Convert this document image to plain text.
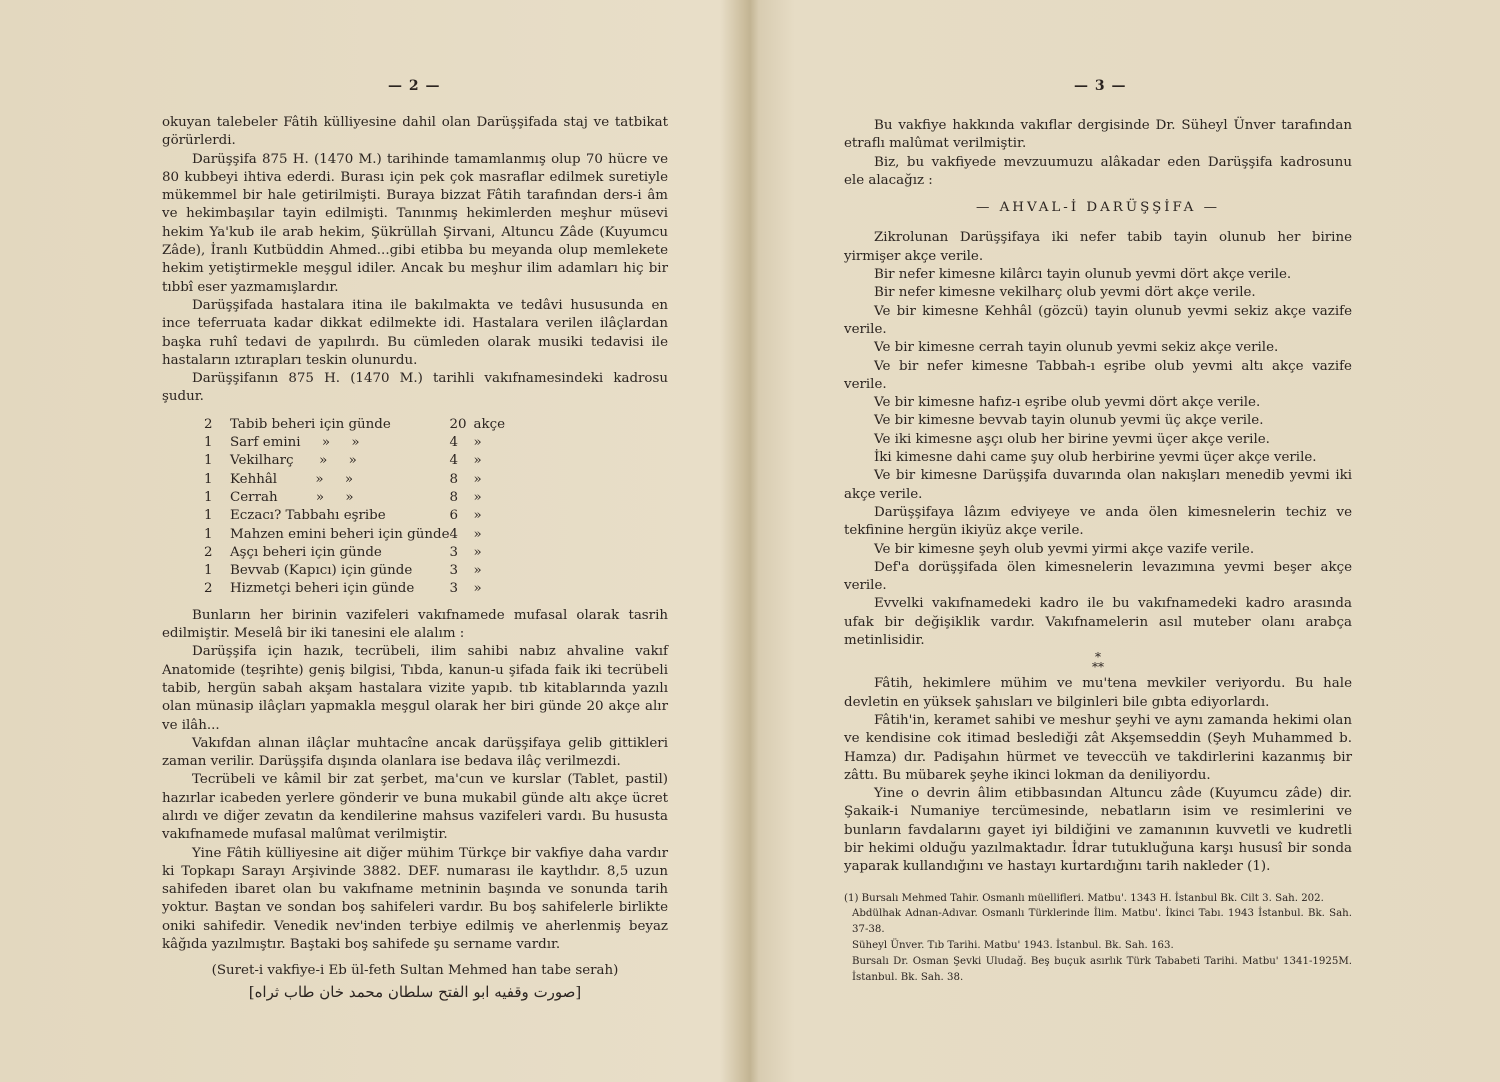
— 2 —

okuyan talebeler Fâtih külliyesine dahil olan Darüşşifada staj ve tatbikat görürlerdi.

Darüşşifa 875 H. (1470 M.) tarihinde tamamlanmış olup 70 hücre ve 80 kubbeyi ihtiva ederdi. Burası için pek çok masraflar edilmek suretiyle mükemmel bir hale getirilmişti. Buraya bizzat Fâtih tarafından ders-i âm ve hekimbaşılar tayin edilmişti. Tanınmış hekimlerden meşhur müsevi hekim Ya'kub ile arab hekim, Şükrüllah Şirvani, Altuncu Zâde (Kuyumcu Zâde), İranlı Kutbüddin Ahmed...gibi etibba bu meyanda olup memlekete hekim yetiştirmekle meşgul idiler. Ancak bu meşhur ilim adamları hiç bir tıbbî eser yazmamışlardır.

Darüşşifada hastalara itina ile bakılmakta ve tedâvi hususunda en ince teferruata kadar dikkat edilmekte idi. Hastalara verilen ilâçlardan başka ruhî tedavi de yapılırdı. Bu cümleden olarak musiki tedavisi ile hastaların ıztırapları teskin olunurdu.

Darüşşifanın 875 H. (1470 M.) tarihli vakıfnamesindeki kadrosu şudur.

2	Tabib beheri için günde	20	akçe
1	Sarf emini     »     »	4	»
1	Vekilharç      »     »	4	»
1	Kehhâl         »     »	8	»
1	Cerrah         »     »	8	»
1	Eczacı? Tabbahı eşribe	6	»
1	Mahzen emini beheri için günde	4	»
2	Aşçı beheri için günde	3	»
1	Bevvab (Kapıcı) için günde	3	»
2	Hizmetçi beheri için günde	3	»

Bunların her birinin vazifeleri vakıfnamede mufasal olarak tasrih edilmiştir. Meselâ bir iki tanesini ele alalım :

Darüşşifa için hazık, tecrübeli, ilim sahibi nabız ahvaline vakıf Anatomide (teşrihte) geniş bilgisi, Tıbda, kanun-u şifada faik iki tecrübeli tabib, hergün sabah akşam hastalara vizite yapıb. tıb kitablarında yazılı olan münasip ilâçları yapmakla meşgul olarak her biri günde 20 akçe alır ve ilâh...

Vakıfdan alınan ilâçlar muhtacîne ancak darüşşifaya gelib gittikleri zaman verilir. Darüşşifa dışında olanlara ise bedava ilâç verilmezdi.

Tecrübeli ve kâmil bir zat şerbet, ma'cun ve kurslar (Tablet, pastil) hazırlar icabeden yerlere gönderir ve buna mukabil günde altı akçe ücret alırdı ve diğer zevatın da kendilerine mahsus vazifeleri vardı. Bu hususta vakıfnamede mufasal malûmat verilmiştir.

Yine Fâtih külliyesine ait diğer mühim Türkçe bir vakfiye daha vardır ki Topkapı Sarayı Arşivinde 3882. DEF. numarası ile kaytlıdır. 8,5 uzun sahifeden ibaret olan bu vakıfname metninin başında ve sonunda tarih yoktur. Baştan ve sondan boş sahifeleri vardır. Bu boş sahifelerle birlikte oniki sahifedir. Venedik nev'inden terbiye edilmiş ve aherlenmiş beyaz kâğıda yazılmıştır. Baştaki boş sahifede şu sername vardır.

(Suret-i vakfiye-i Eb ül-feth Sultan Mehmed han tabe serah)
[صورت وقفیه ابو الفتح سلطان محمد خان طاب ثراه]
— 3 —

Bu vakfiye hakkında vakıflar dergisinde Dr. Süheyl Ünver tarafından etraflı malûmat verilmiştir.

Biz, bu vakfiyede mevzuumuzu alâkadar eden Darüşşifa kadrosunu ele alacağız :

— AHVAL-İ DARÜŞŞİFA —

Zikrolunan Darüşşifaya iki nefer tabib tayin olunub her birine yirmişer akçe verile.

Bir nefer kimesne kilârcı tayin olunub yevmi dört akçe verile.

Bir nefer kimesne vekilharç olub yevmi dört akçe verile.

Ve bir kimesne Kehhâl (gözcü) tayin olunub yevmi sekiz akçe vazife verile.

Ve bir kimesne cerrah tayin olunub yevmi sekiz akçe verile.

Ve bir nefer kimesne Tabbah-ı eşribe olub yevmi altı akçe vazife verile.

Ve bir kimesne hafız-ı eşribe olub yevmi dört akçe verile.

Ve bir kimesne bevvab tayin olunub yevmi üç akçe verile.

Ve iki kimesne aşçı olub her birine yevmi üçer akçe verile.

İki kimesne dahi came şuy olub herbirine yevmi üçer akçe verile.

Ve bir kimesne Darüşşifa duvarında olan nakışları menedib yevmi iki akçe verile.

Darüşşifaya lâzım edviyeye ve anda ölen kimesnelerin techiz ve tekfinine hergün ikiyüz akçe verile.

Ve bir kimesne şeyh olub yevmi yirmi akçe vazife verile.

Def'a dorüşşifada ölen kimesnelerin levazımına yevmi beşer akçe verile.

Evvelki vakıfnamedeki kadro ile bu vakıfnamedeki kadro arasında ufak bir değişiklik vardır. Vakıfnamelerin asıl muteber olanı arabça metinlisidir.

*
**

Fâtih, hekimlere mühim ve mu'tena mevkiler veriyordu. Bu hale devletin en yüksek şahısları ve bilginleri bile gıbta ediyorlardı.

Fâtih'in, keramet sahibi ve meshur şeyhi ve aynı zamanda hekimi olan ve kendisine cok itimad beslediği zât Akşemseddin (Şeyh Muhammed b. Hamza) dır. Padişahın hürmet ve teveccüh ve takdirlerini kazanmış bir zâttı. Bu mübarek şeyhe ikinci lokman da deniliyordu.

Yine o devrin âlim etibbasından Altuncu zâde (Kuyumcu zâde) dir. Şakaik-i Numaniye tercümesinde, nebatların isim ve resimlerini ve bunların favdalarını gayet iyi bildiğini ve zamanının kuvvetli ve kudretli bir hekimi olduğu yazılmaktadır. İdrar tutukluğuna karşı hususî bir sonda yaparak kullandığını ve hastayı kurtardığını tarih nakleder (1).

(1) Bursalı Mehmed Tahir. Osmanlı müellifleri. Matbu'. 1343 H. İstanbul Bk. Cilt 3. Sah. 202.

Abdülhak Adnan-Adıvar. Osmanlı Türklerinde İlim. Matbu'. İkinci Tabı. 1943 İstanbul. Bk. Sah. 37-38.

Süheyl Ünver. Tıb Tarihi. Matbu' 1943. İstanbul. Bk. Sah. 163.

Bursalı Dr. Osman Şevki Uludağ. Beş buçuk asırlık Türk Tababeti Tarihi. Matbu' 1341-1925M. İstanbul. Bk. Sah. 38.
